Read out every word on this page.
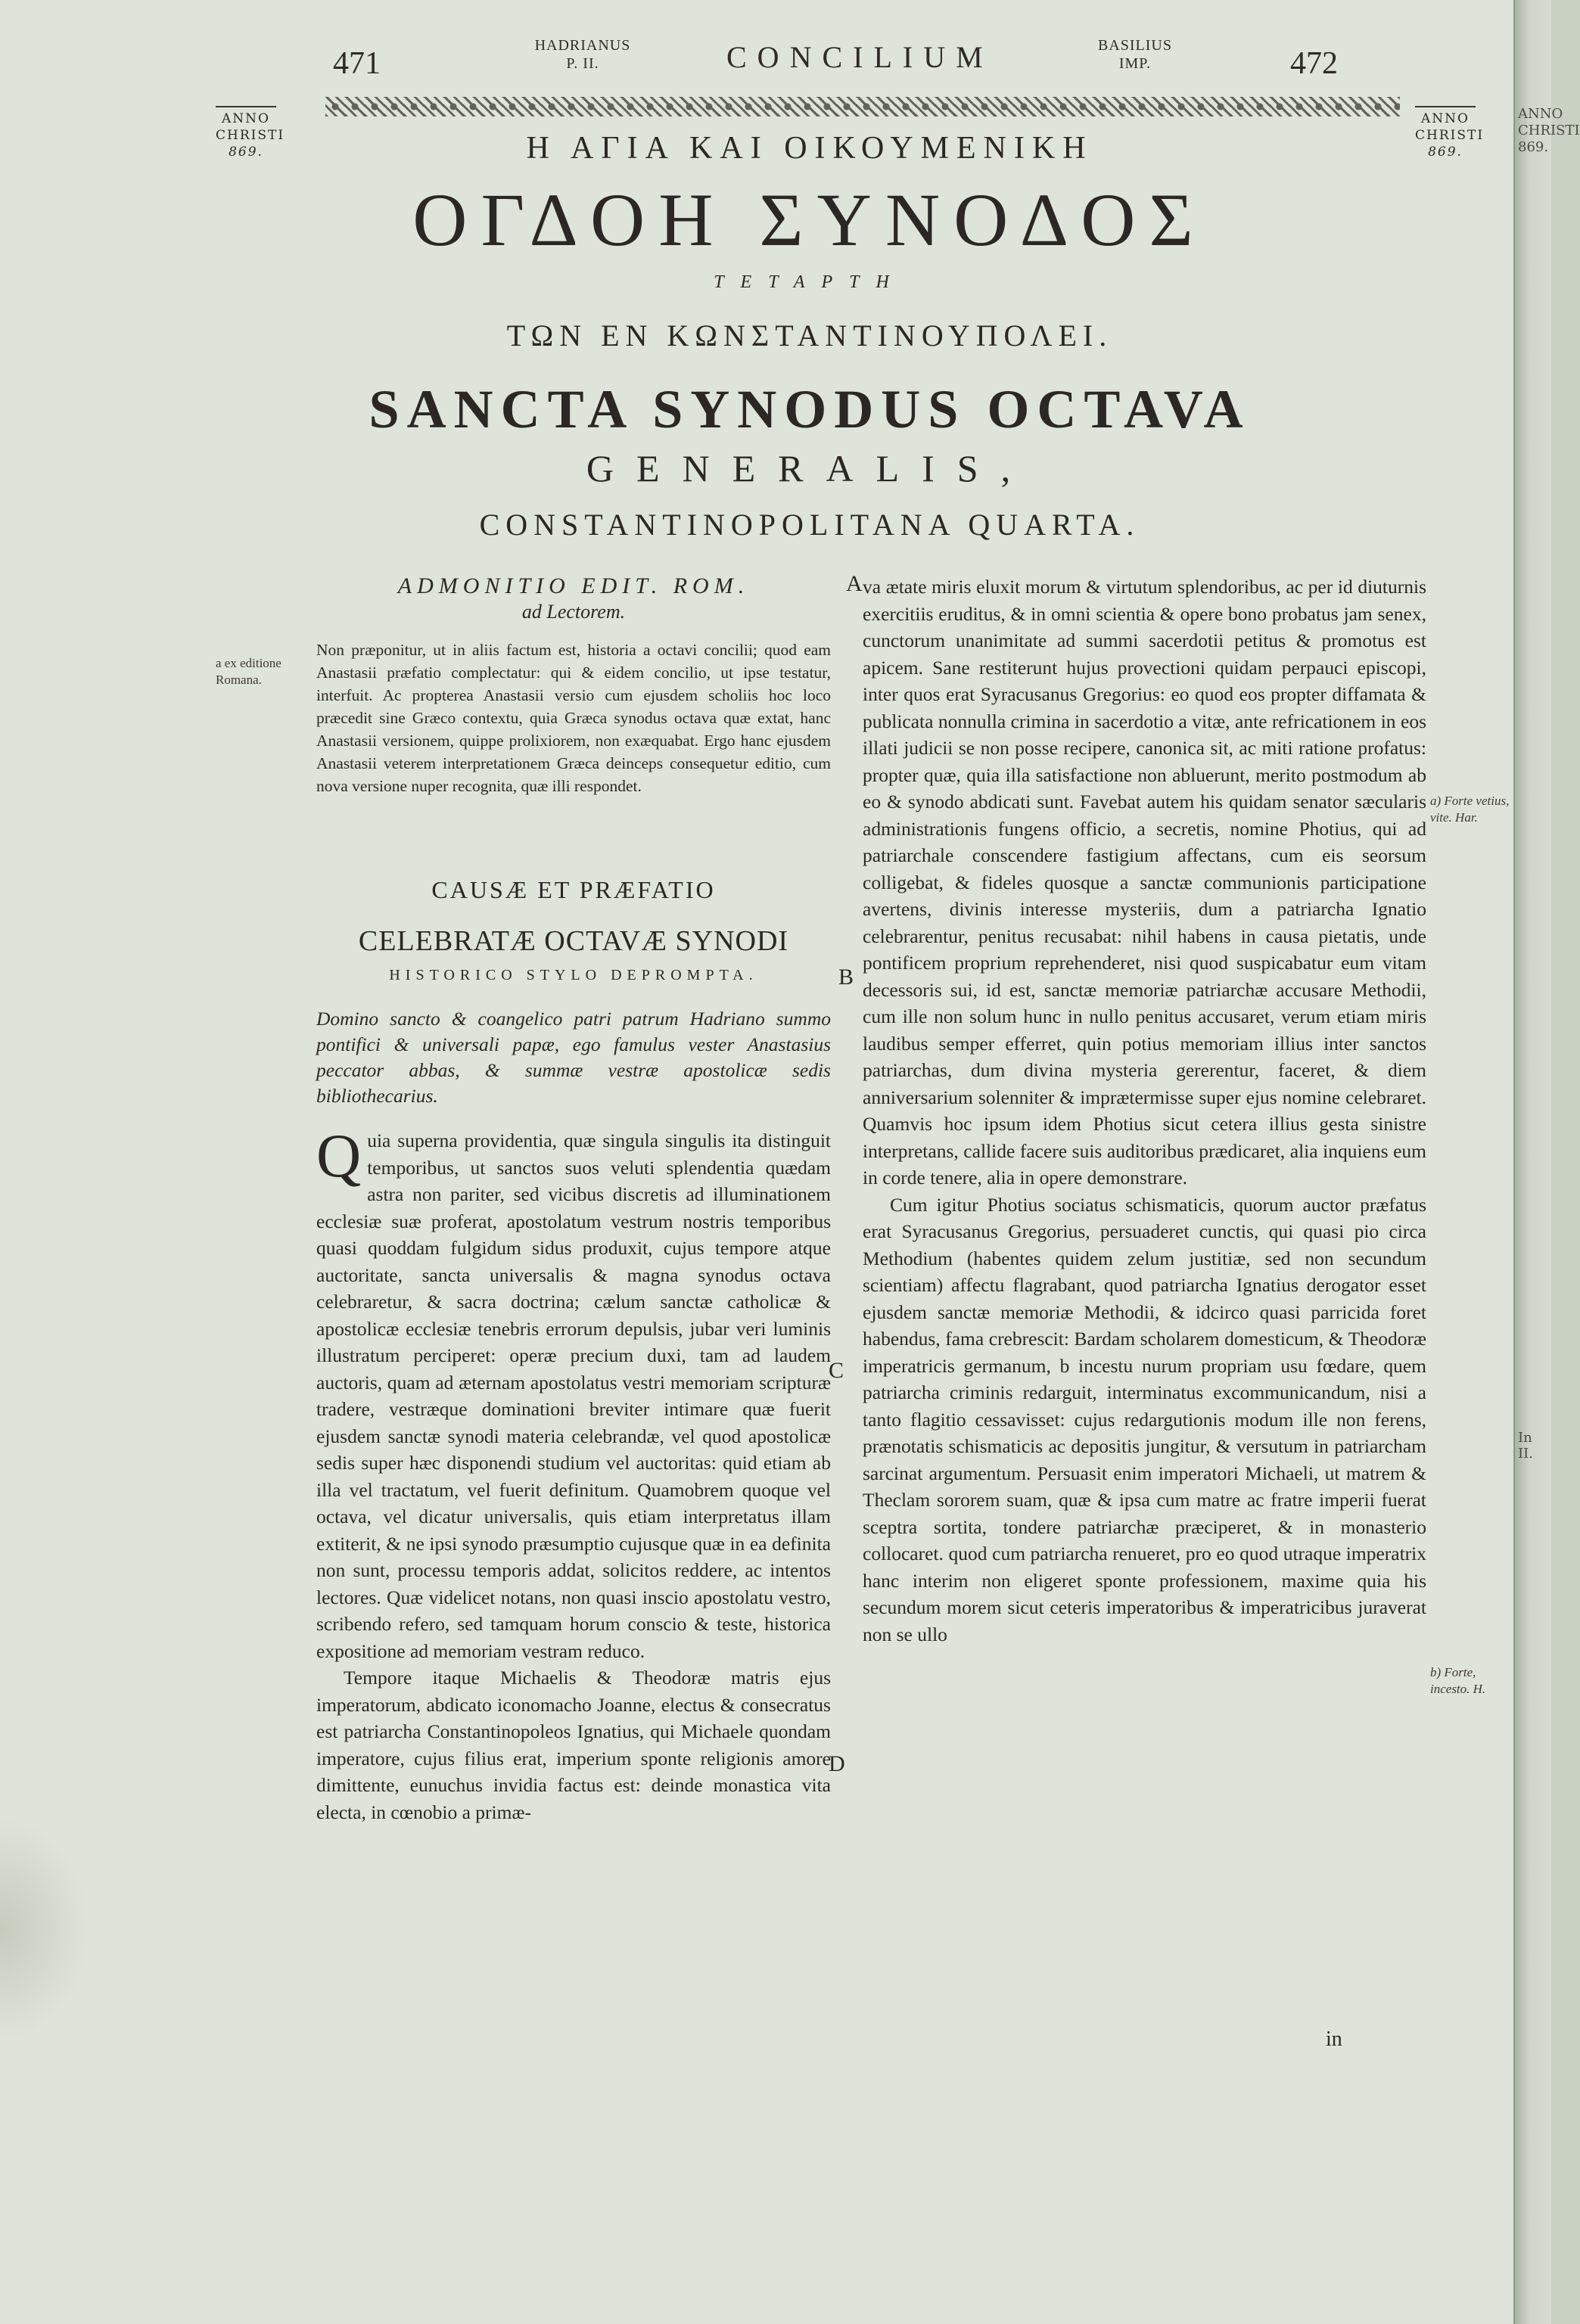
471
HADRIANUS
P. II.	CONCILIUM	BASILIUS
IMP.	472
ANNO
CHRISTI
869.
ANNO
CHRISTI
869.
Η ΑΓΙΑ ΚΑΙ ΟΙΚΟΥΜΕΝΙΚΗ
ΟΓΔΟΗ ΣΥΝΟΔΟΣ
ΤΕΤΑΡΤΗ
ΤΩΝ ΕΝ ΚΩΝΣΤΑΝΤΙΝΟΥΠΟΛΕΙ.
SANCTA SYNODUS OCTAVA
GENERALIS,
CONSTANTINOPOLITANA QUARTA.
ADMONITIO EDIT. ROM.
ad Lectorem.
Non præponitur, ut in aliis factum est, historia a octavi concilii; quod eam Anastasii præfatio complectatur: qui & eidem concilio, ut ipse testatur, interfuit. Ac propterea Anastasii versio cum ejusdem scholiis hoc loco præcedit sine Græco contextu, quia Græca synodus octava quæ extat, hanc Anastasii versionem, quippe prolixiorem, non exæquabat. Ergo hanc ejusdem Anastasii veterem interpretationem Græca deinceps consequetur editio, cum nova versione nuper recognita, quæ illi respondet.
a ex editione Romana.
CAUSÆ ET PRÆFATIO
CELEBRATÆ OCTAVÆ SYNODI
HISTORICO STYLO DEPROMPTA.
Domino sancto & coangelico patri patrum Hadriano summo pontifici & universali papæ, ego famulus vester Anastasius peccator abbas, & summæ vestræ apostolicæ sedis bibliothecarius.

Quia superna providentia, quæ singula singulis ita distinguit temporibus, ut sanctos suos veluti splendentia quædam astra non pariter, sed vicibus discretis ad illuminationem ecclesiæ suæ proferat, apostolatum vestrum nostris temporibus quasi quoddam fulgidum sidus produxit, cujus tempore atque auctoritate, sancta universalis & magna synodus octava celebraretur, & sacra doctrina; cælum sanctæ catholicæ & apostolicæ ecclesiæ tenebris errorum depulsis, jubar veri luminis illustratum perciperet: operæ precium duxi, tam ad laudem auctoris, quam ad æternam apostolatus vestri memoriam scripturæ tradere, vestræque dominationi breviter intimare quæ fuerit ejusdem sanctæ synodi materia celebrandæ, vel quod apostolicæ sedis super hæc disponendi studium vel auctoritas: quid etiam ab illa vel tractatum, vel fuerit definitum. Quamobrem quoque vel octava, vel dicatur universalis, quis etiam interpretatus illam extiterit, & ne ipsi synodo præsumptio cujusque quæ in ea definita non sunt, processu temporis addat, solicitos reddere, ac intentos lectores. Quæ videlicet notans, non quasi inscio apostolatu vestro, scribendo refero, sed tamquam horum conscio & teste, historica expositione ad memoriam vestram reduco.

Tempore itaque Michaelis & Theodoræ matris ejus imperatorum, abdicato iconomacho Joanne, electus & consecratus est patriarcha Constantinopoleos Ignatius, qui Michaele quondam imperatore, cujus filius erat, imperium sponte religionis amore dimittente, eunuchus invidia factus est: deinde monastica vita electa, in cœnobio a primæ-

va ætate miris eluxit morum & virtutum splendoribus, ac per id diuturnis exercitiis eruditus, & in omni scientia & opere bono probatus jam senex, cunctorum unanimitate ad summi sacerdotii petitus & promotus est apicem. Sane restiterunt hujus provectioni quidam perpauci episcopi, inter quos erat Syracusanus Gregorius: eo quod eos propter diffamata & publicata nonnulla crimina in sacerdotio a vitæ, ante refricationem in eos illati judicii se non posse recipere, canonica sit, ac miti ratione profatus: propter quæ, quia illa satisfactione non abluerunt, merito postmodum ab eo & synodo abdicati sunt. Favebat autem his quidam senator sæcularis administrationis fungens officio, a secretis, nomine Photius, qui ad patriarchale conscendere fastigium affectans, cum eis seorsum colligebat, & fideles quosque a sanctæ communionis participatione avertens, divinis interesse mysteriis, dum a patriarcha Ignatio celebrarentur, penitus recusabat: nihil habens in causa pietatis, unde pontificem proprium reprehenderet, nisi quod suspicabatur eum vitam decessoris sui, id est, sanctæ memoriæ patriarchæ accusare Methodii, cum ille non solum hunc in nullo penitus accusaret, verum etiam miris laudibus semper efferret, quin potius memoriam illius inter sanctos patriarchas, dum divina mysteria gererentur, faceret, & diem anniversarium solenniter & imprætermisse super ejus nomine celebraret. Quamvis hoc ipsum idem Photius sicut cetera illius gesta sinistre interpretans, callide facere suis auditoribus prædicaret, alia inquiens eum in corde tenere, alia in opere demonstrare.

Cum igitur Photius sociatus schismaticis, quorum auctor præfatus erat Syracusanus Gregorius, persuaderet cunctis, qui quasi pio circa Methodium (habentes quidem zelum justitiæ, sed non secundum scientiam) affectu flagrabant, quod patriarcha Ignatius derogator esset ejusdem sanctæ memoriæ Methodii, & idcirco quasi parricida foret habendus, fama crebrescit: Bardam scholarem domesticum, & Theodoræ imperatricis germanum, b incestu nurum propriam usu fœdare, quem patriarcha criminis redarguit, interminatus excommunicandum, nisi a tanto flagitio cessavisset: cujus redargutionis modum ille non ferens, prænotatis schismaticis ac depositis jungitur, & versutum in patriarcham sarcinat argumentum. Persuasit enim imperatori Michaeli, ut matrem & Theclam sororem suam, quæ & ipsa cum matre ac fratre imperii fuerat sceptra sortita, tondere patriarchæ præciperet, & in monasterio collocaret. quod cum patriarcha renueret, pro eo quod utraque imperatrix hanc interim non eligeret sponte professionem, maxime quia his secundum morem sicut ceteris imperatoribus & imperatricibus juraverat non se ullo

in
A
B
C
D
a) Forte vetius, vite. Har.
b) Forte, incesto. H.
ANNO
CHRISTI
869.
In II.
